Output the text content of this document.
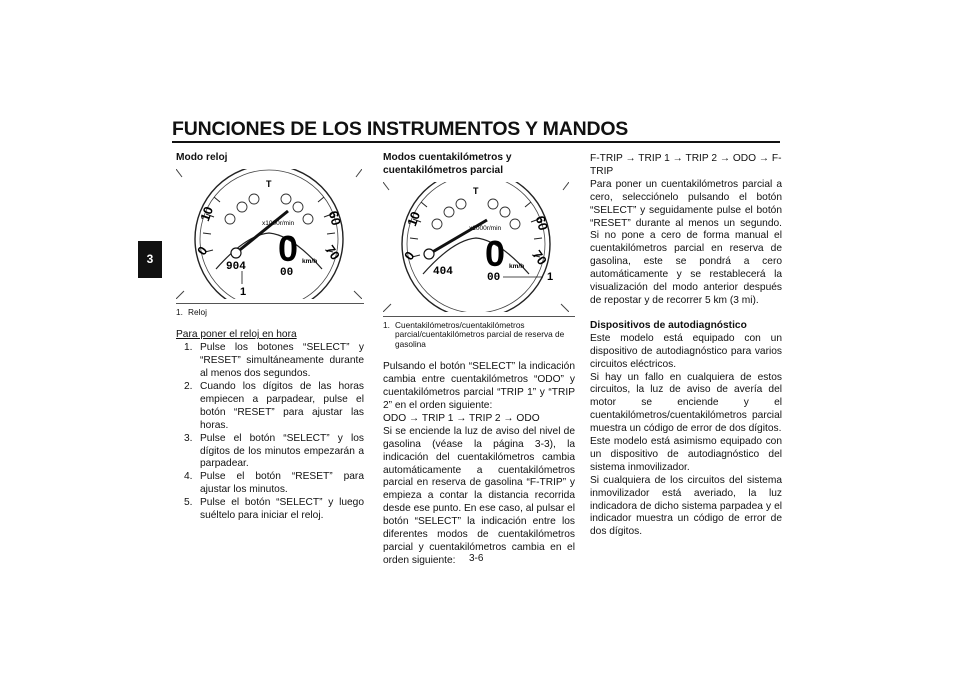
FUNCIONES DE LOS INSTRUMENTOS Y MANDOS
3
Modo reloj
10
0
60
70
x1000r/min
T
0 km/h
904	00
1
1. Reloj
Para poner el reloj en hora
1. Pulse los botones “SELECT” y “RESET” simultáneamente durante al menos dos segundos.
2. Cuando los dígitos de las horas empiecen a parpadear, pulse el botón “RESET” para ajustar las horas.
3. Pulse el botón “SELECT” y los dígitos de los minutos empezarán a parpadear.
4. Pulse el botón “RESET” para ajustar los minutos.
5. Pulse el botón “SELECT” y luego suéltelo para iniciar el reloj.
Modos cuentakilómetros y cuentakilómetros parcial
10
0
60
70
x1000r/min
T
0 km/h
404	00	1
1. Cuentakilómetros/cuentakilómetros parcial/cuentakilómetros parcial de reserva de gasolina

Pulsando el botón “SELECT” la indicación cambia entre cuentakilómetros “ODO” y cuentakilómetros parcial “TRIP 1” y “TRIP 2” en el orden siguiente:

ODO → TRIP 1 → TRIP 2 → ODO

Si se enciende la luz de aviso del nivel de gasolina (véase la página 3-3), la indicación del cuentakilómetros cambia automáticamente a cuentakilómetros parcial en reserva de gasolina “F-TRIP” y empieza a contar la distancia recorrida desde ese punto. En ese caso, al pulsar el botón “SELECT” la indicación entre los diferentes modos de cuentakilómetros parcial y cuentakilómetros cambia en el orden siguiente:

F-TRIP → TRIP 1 → TRIP 2 → ODO → F-TRIP

Para poner un cuentakilómetros parcial a cero, selecciónelo pulsando el botón “SELECT” y seguidamente pulse el botón “RESET” durante al menos un segundo. Si no pone a cero de forma manual el cuentakilómetros parcial en reserva de gasolina, este se pondrá a cero automáticamente y se restablecerá la visualización del modo anterior después de repostar y de recorrer 5 km (3 mi).

Dispositivos de autodiagnóstico

Este modelo está equipado con un dispositivo de autodiagnóstico para varios circuitos eléctricos.

Si hay un fallo en cualquiera de estos circuitos, la luz de aviso de avería del motor se enciende y el cuentakilómetros/cuentakilómetros parcial muestra un código de error de dos dígitos.

Este modelo está asimismo equipado con un dispositivo de autodiagnóstico del sistema inmovilizador.

Si cualquiera de los circuitos del sistema inmovilizador está averiado, la luz indicadora de dicho sistema parpadea y el indicador muestra un código de error de dos dígitos.

3-6
